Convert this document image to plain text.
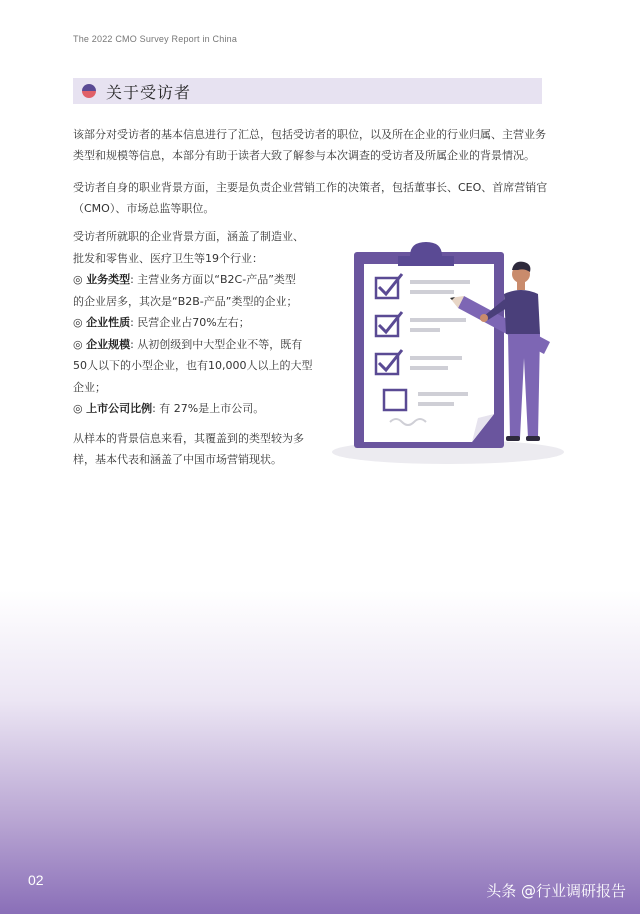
The 2022 CMO Survey Report in China
关于受访者

该部分对受访者的基本信息进行了汇总，包括受访者的职位，以及所在企业的行业归属、主营业务类型和规模等信息，本部分有助于读者大致了解参与本次调查的受访者及所属企业的背景情况。

受访者自身的职业背景方面，主要是负责企业营销工作的决策者，包括董事长、CEO、首席营销官（CMO）、市场总监等职位。

受访者所就职的企业背景方面，涵盖了制造业、
批发和零售业、医疗卫生等19个行业：
◎ 业务类型: 主营业务方面以“B2C-产品”类型
的企业居多，其次是“B2B-产品”类型的企业；
◎ 企业性质: 民营企业占70%左右；
◎ 企业规模: 从初创级到中大型企业不等，既有
50人以下的小型企业，也有10,000人以上的大型
企业；
◎ 上市公司比例: 有 27%是上市公司。

从样本的背景信息来看，其覆盖到的类型较为多样，基本代表和涵盖了中国市场营销现状。

02
头条 @行业调研报告
